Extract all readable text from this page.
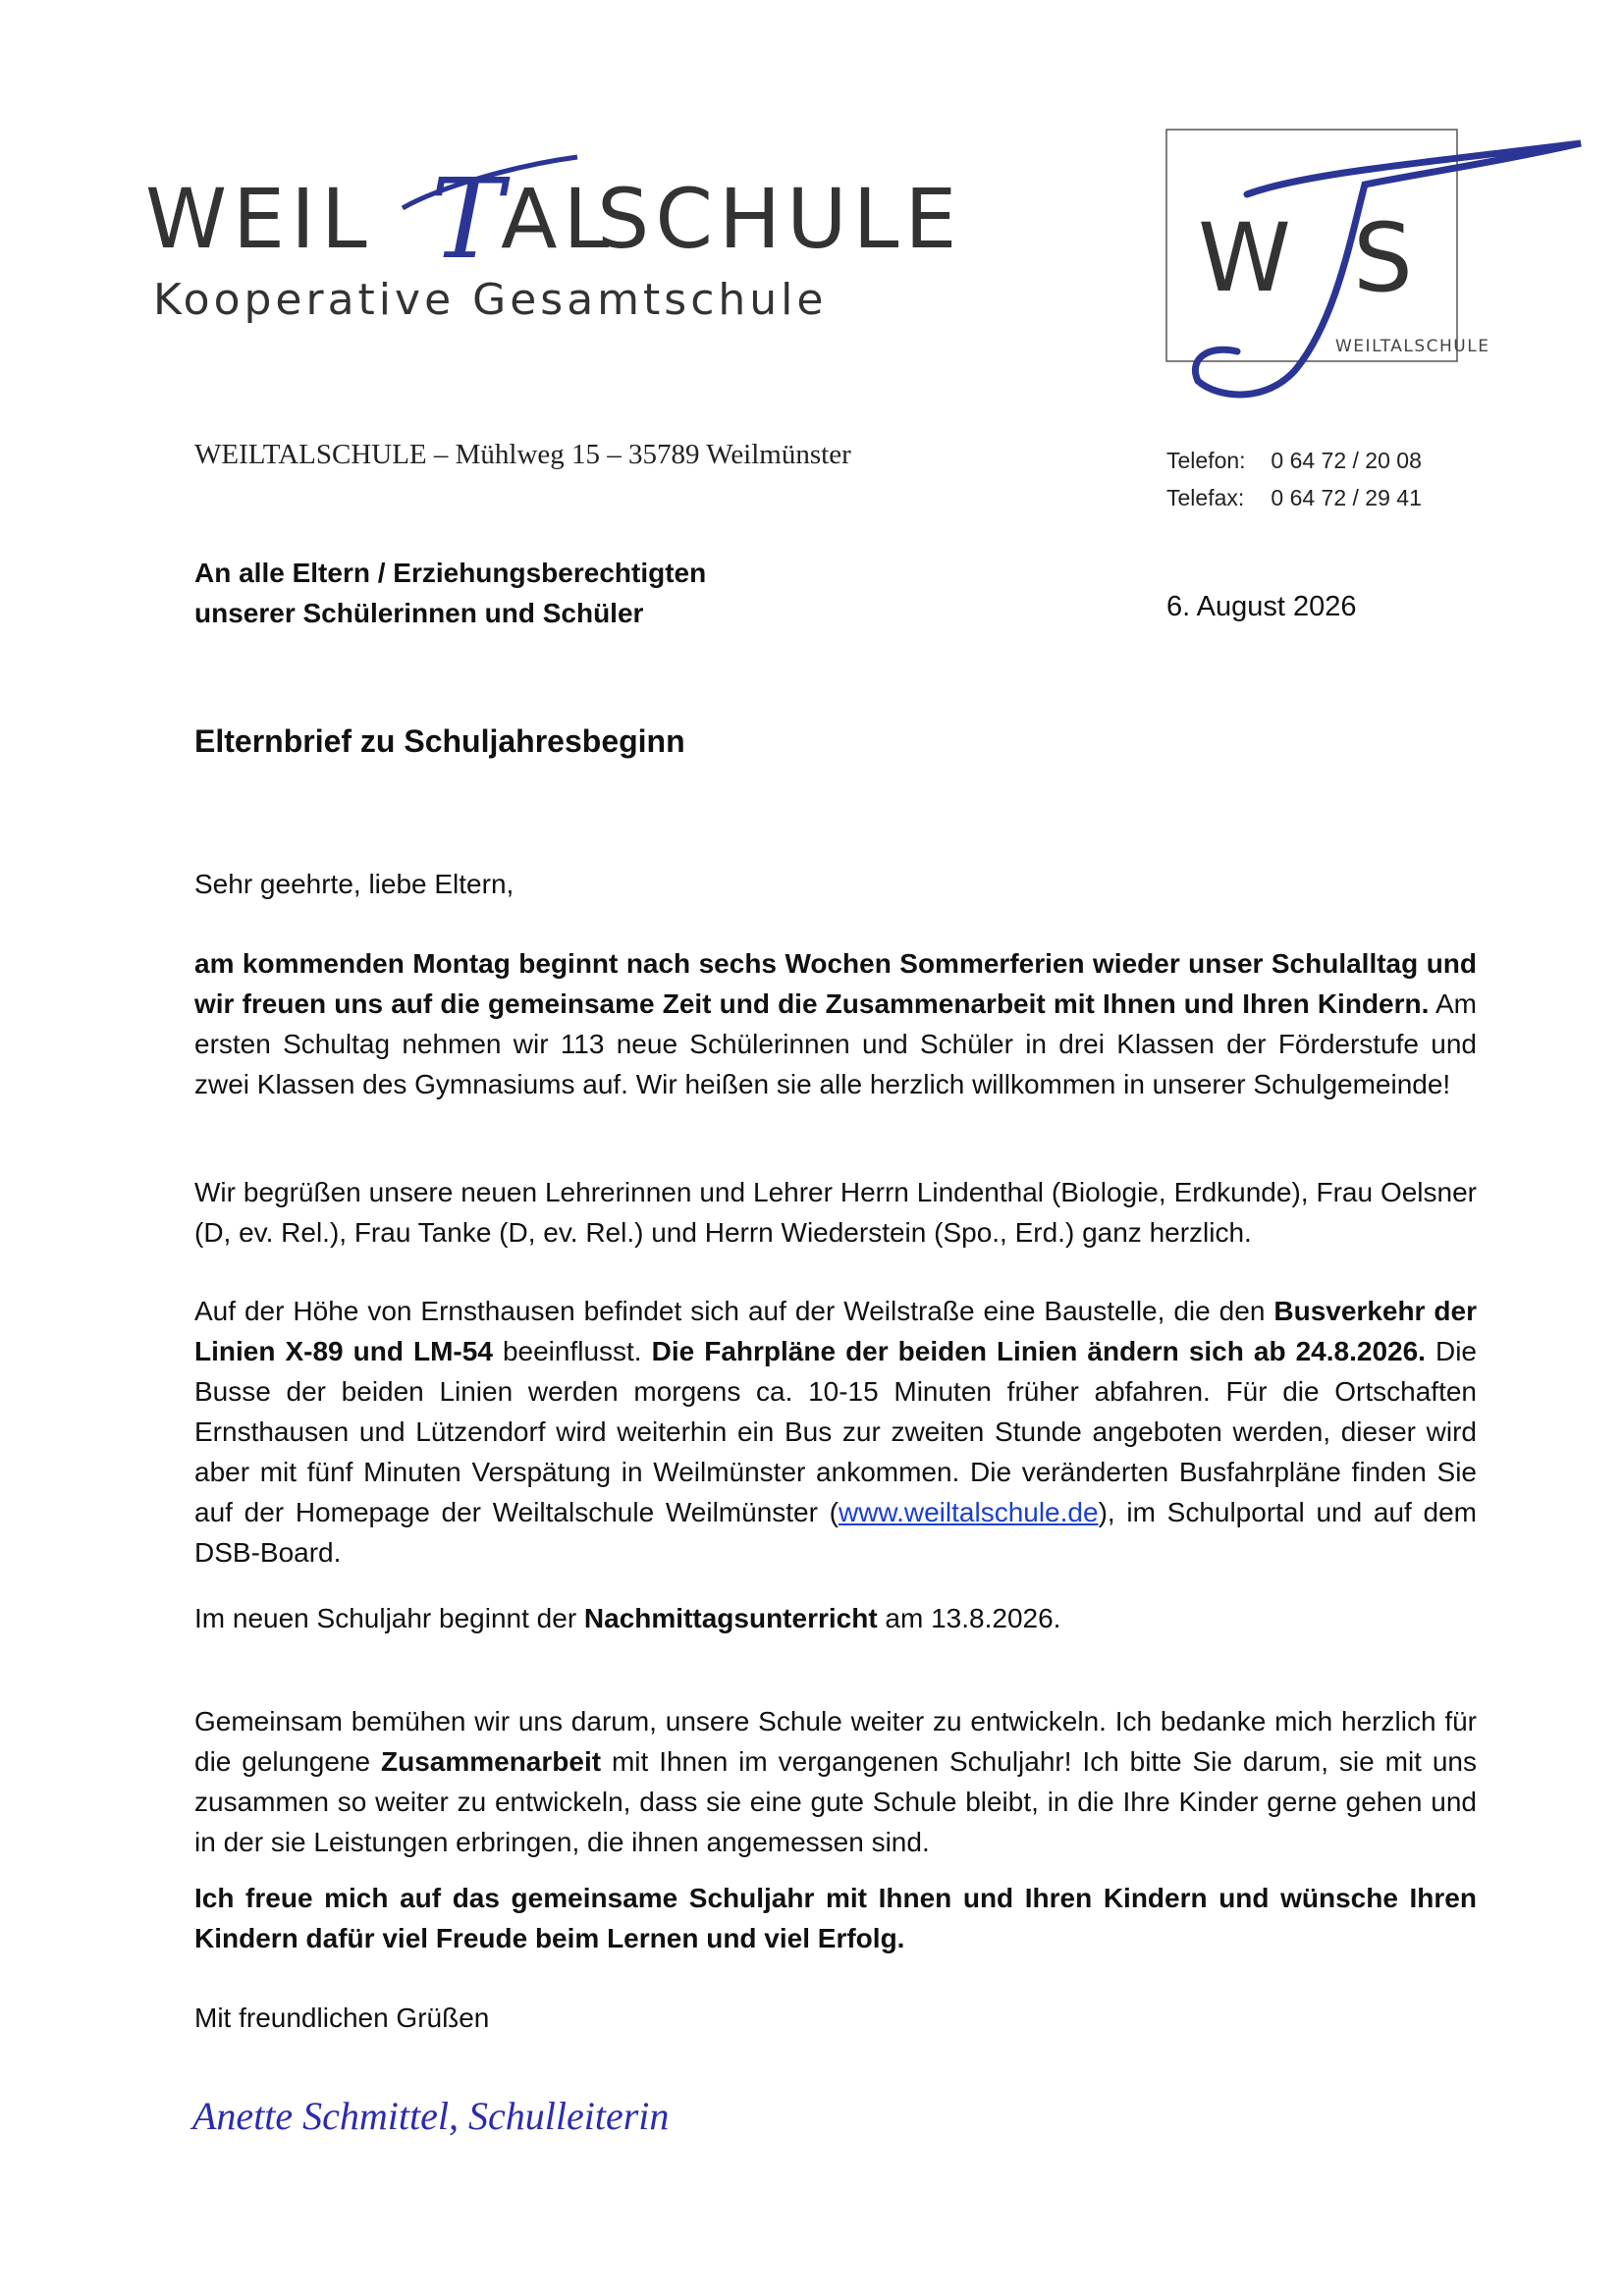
WEIL T
AL
SCHULE
Kooperative Gesamtschule	W S
WEILTALSCHULE
WEILTALSCHULE – Mühlweg 15 – 35789 Weilmünster	Telefon: 0 64 72 / 20 08
Telefax: 0 64 72 / 29 41
An alle Eltern / Erziehungsberechtigten
unserer Schülerinnen und Schüler	6. August 2026
Elternbrief zu Schuljahresbeginn
Sehr geehrte, liebe Eltern,
am kommenden Montag beginnt nach sechs Wochen Sommerferien wieder unser Schulalltag und wir freuen uns auf die gemeinsame Zeit und die Zusammenarbeit mit Ihnen und Ihren Kindern. Am ersten Schultag nehmen wir 113 neue Schülerinnen und Schüler in drei Klassen der Förderstufe und zwei Klassen des Gymnasiums auf. Wir heißen sie alle herzlich willkommen in unserer Schulgemeinde!
Wir begrüßen unsere neuen Lehrerinnen und Lehrer Herrn Lindenthal (Biologie, Erdkunde), Frau Oelsner (D, ev. Rel.), Frau Tanke (D, ev. Rel.) und Herrn Wiederstein (Spo., Erd.) ganz herzlich.
Auf der Höhe von Ernsthausen befindet sich auf der Weilstraße eine Baustelle, die den Busverkehr der Linien X-89 und LM-54 beeinflusst. Die Fahrpläne der beiden Linien ändern sich ab 24.8.2026. Die Busse der beiden Linien werden morgens ca. 10-15 Minuten früher abfahren. Für die Ortschaften Ernsthausen und Lützendorf wird weiterhin ein Bus zur zweiten Stunde angeboten werden, dieser wird aber mit fünf Minuten Verspätung in Weilmünster ankommen. Die veränderten Busfahrpläne finden Sie auf der Homepage der Weiltalschule Weilmünster (www.weiltalschule.de), im Schulportal und auf dem DSB-Board.
Im neuen Schuljahr beginnt der Nachmittagsunterricht am 13.8.2026.
Gemeinsam bemühen wir uns darum, unsere Schule weiter zu entwickeln. Ich bedanke mich herzlich für die gelungene Zusammenarbeit mit Ihnen im vergangenen Schuljahr! Ich bitte Sie darum, sie mit uns zusammen so weiter zu entwickeln, dass sie eine gute Schule bleibt, in die Ihre Kinder gerne gehen und in der sie Leistungen erbringen, die ihnen angemessen sind.
Ich freue mich auf das gemeinsame Schuljahr mit Ihnen und Ihren Kindern und wünsche Ihren Kindern dafür viel Freude beim Lernen und viel Erfolg.
Mit freundlichen Grüßen
Anette Schmittel, Schulleiterin
